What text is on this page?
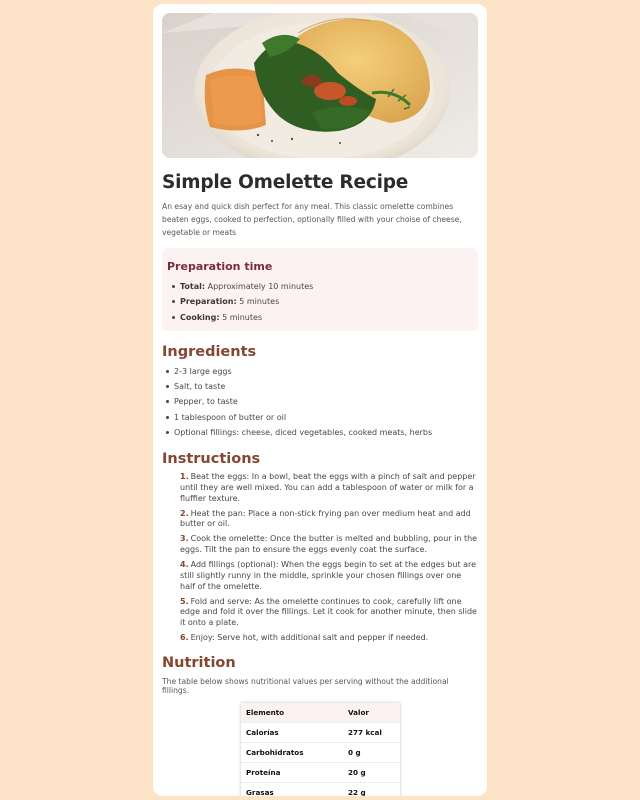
Simple Omelette Recipe

An esay and quick dish perfect for any meal. This classic omelette combines beaten eggs, cooked to perfection, optionally filled with your choise of cheese, vegetable or meats

Preparation time
Total: Approximately 10 minutes
Preparation: 5 minutes
Cooking: 5 minutes
Ingredients
2-3 large eggs
Salt, to taste
Pepper, to taste
1 tablespoon of butter or oil
Optional fillings: cheese, diced vegetables, cooked meats, herbs
Instructions
1. Beat the eggs: In a bowl, beat the eggs with a pinch of salt and pepper until they are well mixed. You can add a tablespoon of water or milk for a fluffier texture.
2. Heat the pan: Place a non-stick frying pan over medium heat and add butter or oil.
3. Cook the omelette: Once the butter is melted and bubbling, pour in the eggs. Tilt the pan to ensure the eggs evenly coat the surface.
4. Add fillings (optional): When the eggs begin to set at the edges but are still slightly runny in the middle, sprinkle your chosen fillings over one half of the omelette.
5. Fold and serve: As the omelette continues to cook, carefully lift one edge and fold it over the fillings. Let it cook for another minute, then slide it onto a plate.
6. Enjoy: Serve hot, with additional salt and pepper if needed.
Nutrition

The table below shows nutritional values per serving without the additional fillings.

Elemento	Valor
Calorías	277 kcal
Carbohidratos	0 g
Proteína	20 g
Grasas	22 g
